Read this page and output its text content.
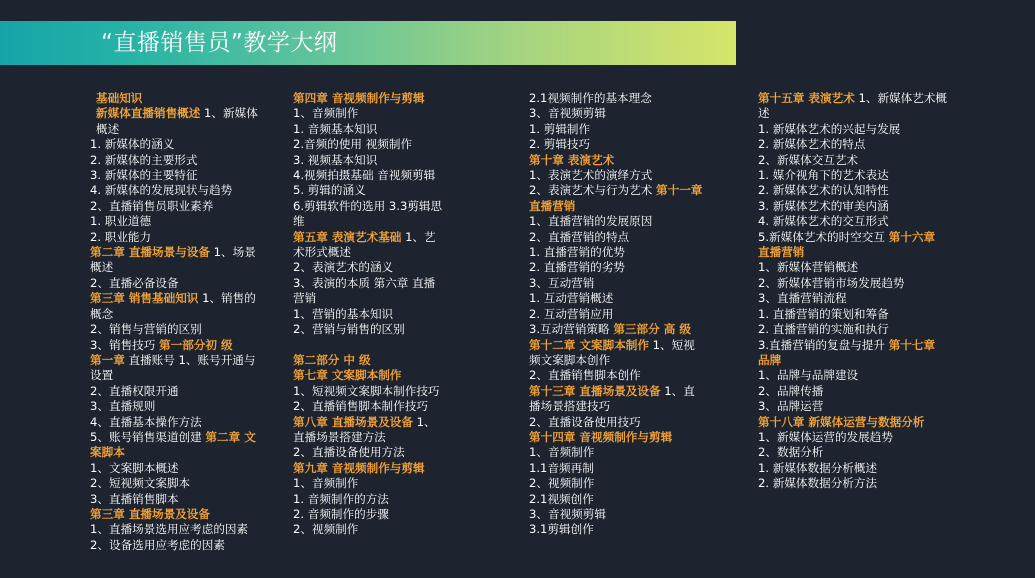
“直播销售员”教学大纲
基础知识
新媒体直播销售概述 1、新媒体概述
1. 新媒体的涵义
2. 新媒体的主要形式
3. 新媒体的主要特征
4. 新媒体的发展现状与趋势
2、直播销售员职业素养
1. 职业道德
2. 职业能力
第二章 直播场景与设备 1、场景概述
2、直播必备设备
第三章 销售基础知识 1、销售的概念
2、销售与营销的区别
3、销售技巧 第一部分初 级
第一章 直播账号 1、账号开通与设置
2、直播权限开通
3、直播规则
4、直播基本操作方法
5、账号销售渠道创建 第二章 文案脚本
1、文案脚本概述
2、短视频文案脚本
3、直播销售脚本
第三章 直播场景及设备
1、直播场景选用应考虑的因素
2、设备选用应考虑的因素
第四章 音视频制作与剪辑
1、音频制作
1. 音频基本知识
2.音频的使用 视频制作
3. 视频基本知识
4.视频拍摄基础 音视频剪辑
5. 剪辑的涵义
6.剪辑软件的选用 3.3剪辑思维
第五章 表演艺术基础 1、艺术形式概述
2、表演艺术的涵义
3、表演的本质 第六章 直播营销
1、营销的基本知识
2、营销与销售的区别
第二部分 中 级
第七章 文案脚本制作
1、短视频文案脚本制作技巧
2、直播销售脚本制作技巧
第八章 直播场景及设备 1、直播场景搭建方法
2、直播设备使用方法
第九章 音视频制作与剪辑 1、音频制作
1. 音频制作的方法
2. 音频制作的步骤
2、视频制作
2.1视频制作的基本理念
3、音视频剪辑
1. 剪辑制作
2. 剪辑技巧
第十章 表演艺术
1、表演艺术的演绎方式
2、表演艺术与行为艺术 第十一章 直播营销
1、直播营销的发展原因
2、直播营销的特点
1. 直播营销的优势
2. 直播营销的劣势
3、互动营销
1. 互动营销概述
2. 互动营销应用
3.互动营销策略 第三部分 高 级
第十二章 文案脚本制作 1、短视频文案脚本创作
2、直播销售脚本创作
第十三章 直播场景及设备 1、直播场景搭建技巧
2、直播设备使用技巧
第十四章 音视频制作与剪辑
1、音频制作
1.1音频再制
2、视频制作
2.1视频创作
3、音视频剪辑
3.1剪辑创作
第十五章 表演艺术 1、新媒体艺术概述
1. 新媒体艺术的兴起与发展
2. 新媒体艺术的特点
2、新媒体交互艺术
1. 媒介视角下的艺术表达
2. 新媒体艺术的认知特性
3. 新媒体艺术的审美内涵
4. 新媒体艺术的交互形式
5.新媒体艺术的时空交互 第十六章 直播营销
1、新媒体营销概述
2、新媒体营销市场发展趋势
3、直播营销流程
1. 直播营销的策划和筹备
2. 直播营销的实施和执行
3.直播营销的复盘与提升 第十七章 品牌
1、品牌与品牌建设
2、品牌传播
3、品牌运营
第十八章 新媒体运营与数据分析
1、新媒体运营的发展趋势
2、数据分析
1. 新媒体数据分析概述
2. 新媒体数据分析方法
